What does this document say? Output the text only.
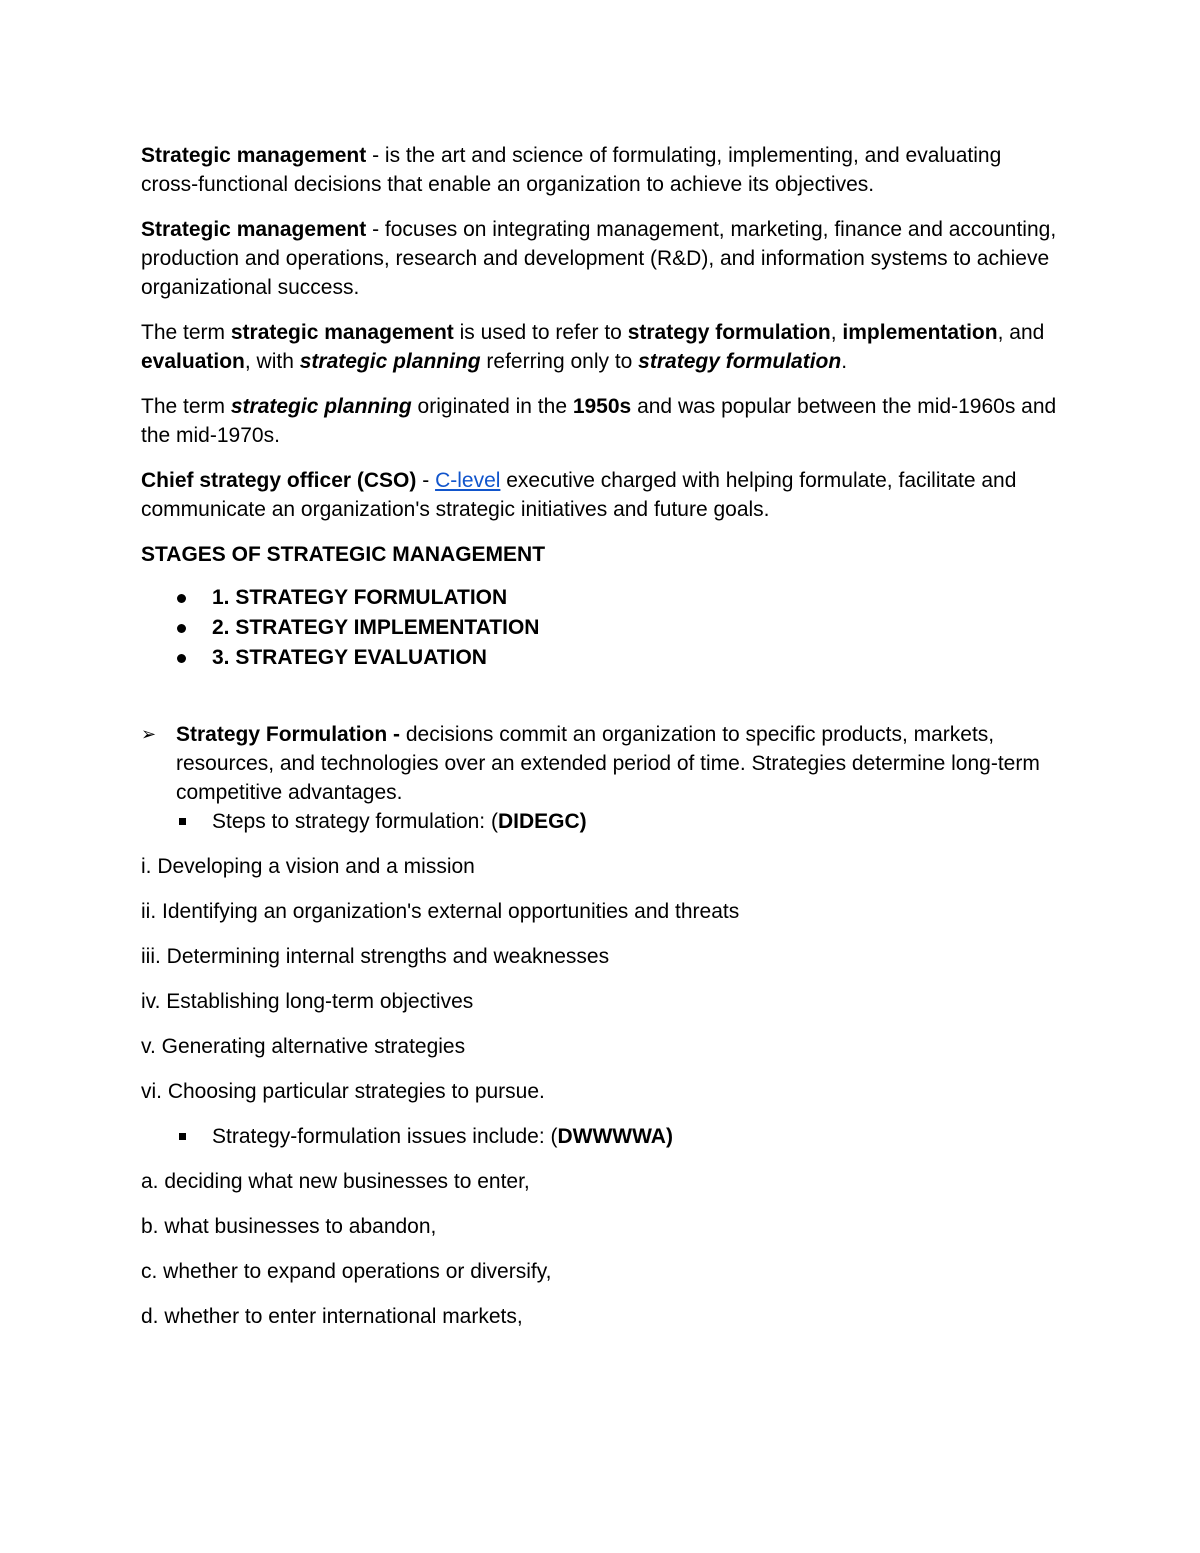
Strategic management - is the art and science of formulating, implementing, and evaluating cross-functional decisions that enable an organization to achieve its objectives.

Strategic management - focuses on integrating management, marketing, finance and accounting, production and operations, research and development (R&D), and information systems to achieve organizational success.

The term strategic management is used to refer to strategy formulation, implementation, and evaluation, with strategic planning referring only to strategy formulation.

The term strategic planning originated in the 1950s and was popular between the mid-1960s and the mid-1970s.

Chief strategy officer (CSO) - C-level executive charged with helping formulate, facilitate and communicate an organization's strategic initiatives and future goals.

STAGES OF STRATEGIC MANAGEMENT

1. STRATEGY FORMULATION
2. STRATEGY IMPLEMENTATION
3. STRATEGY EVALUATION

➢ Strategy Formulation - decisions commit an organization to specific products, markets, resources, and technologies over an extended period of time. Strategies determine long-term competitive advantages.

Steps to strategy formulation: (DIDEGC)

i. Developing a vision and a mission

ii. Identifying an organization's external opportunities and threats

iii. Determining internal strengths and weaknesses

iv. Establishing long-term objectives

v. Generating alternative strategies

vi. Choosing particular strategies to pursue.

Strategy-formulation issues include: (DWWWWA)

a. deciding what new businesses to enter,

b. what businesses to abandon,

c. whether to expand operations or diversify,

d. whether to enter international markets,
